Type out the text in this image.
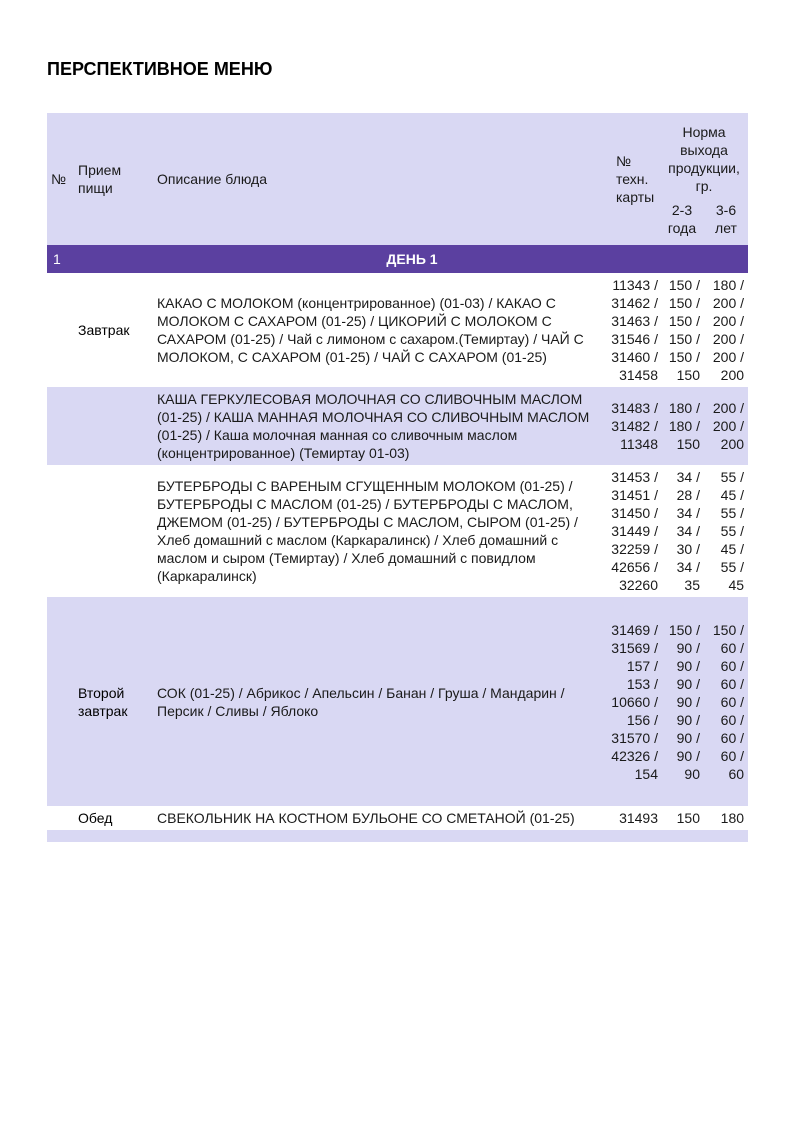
ПЕРСПЕКТИВНОЕ МЕНЮ
№	Прием пищи	Описание блюда	№ техн. карты	Норма выхода продукции, гр.	
				2-3 года	3-6 лет
1	ДЕНЬ 1				
	Завтрак	КАКАО С МОЛОКОМ (концентрированное) (01-03) / КАКАО С МОЛОКОМ С САХАРОМ (01-25) / ЦИКОРИЙ С МОЛОКОМ С САХАРОМ (01-25) / Чай с лимоном с сахаром.(Темиртау) / ЧАЙ С МОЛОКОМ, С САХАРОМ (01-25) / ЧАЙ С САХАРОМ (01-25)	11343 / 31462 / 31463 / 31546 / 31460 / 31458	150 / 150 / 150 / 150 / 150 / 150	180 / 200 / 200 / 200 / 200 / 200
		КАША ГЕРКУЛЕСОВАЯ МОЛОЧНАЯ СО СЛИВОЧНЫМ МАСЛОМ (01-25) / КАША МАННАЯ МОЛОЧНАЯ СО СЛИВОЧНЫМ МАСЛОМ (01-25) / Каша молочная манная со сливочным маслом (концентрированное) (Темиртау 01-03)	31483 / 31482 / 11348	180 / 180 / 150	200 / 200 / 200
		БУТЕРБРОДЫ С ВАРЕНЫМ СГУЩЕННЫМ МОЛОКОМ (01-25) / БУТЕРБРОДЫ С МАСЛОМ (01-25) / БУТЕРБРОДЫ С МАСЛОМ, ДЖЕМОМ (01-25) / БУТЕРБРОДЫ С МАСЛОМ, СЫРОМ (01-25) / Хлеб домашний с маслом (Каркаралинск) / Хлеб домашний с маслом и сыром (Темиртау) / Хлеб домашний с повидлом (Каркаралинск)	31453 / 31451 / 31450 / 31449 / 32259 / 42656 / 32260	34 / 28 / 34 / 34 / 30 / 34 / 35	55 / 45 / 55 / 55 / 45 / 55 / 45
	Второй завтрак	СОК (01-25) / Абрикос / Апельсин / Банан / Груша / Мандарин / Персик / Сливы / Яблоко	31469 / 31569 / 157 / 153 / 10660 / 156 / 31570 / 42326 / 154	150 / 90 / 90 / 90 / 90 / 90 / 90 / 90 / 90	150 / 60 / 60 / 60 / 60 / 60 / 60 / 60 / 60
	Обед	СВЕКОЛЬНИК НА КОСТНОМ БУЛЬОНЕ СО СМЕТАНОЙ (01-25)	31493	150	180
